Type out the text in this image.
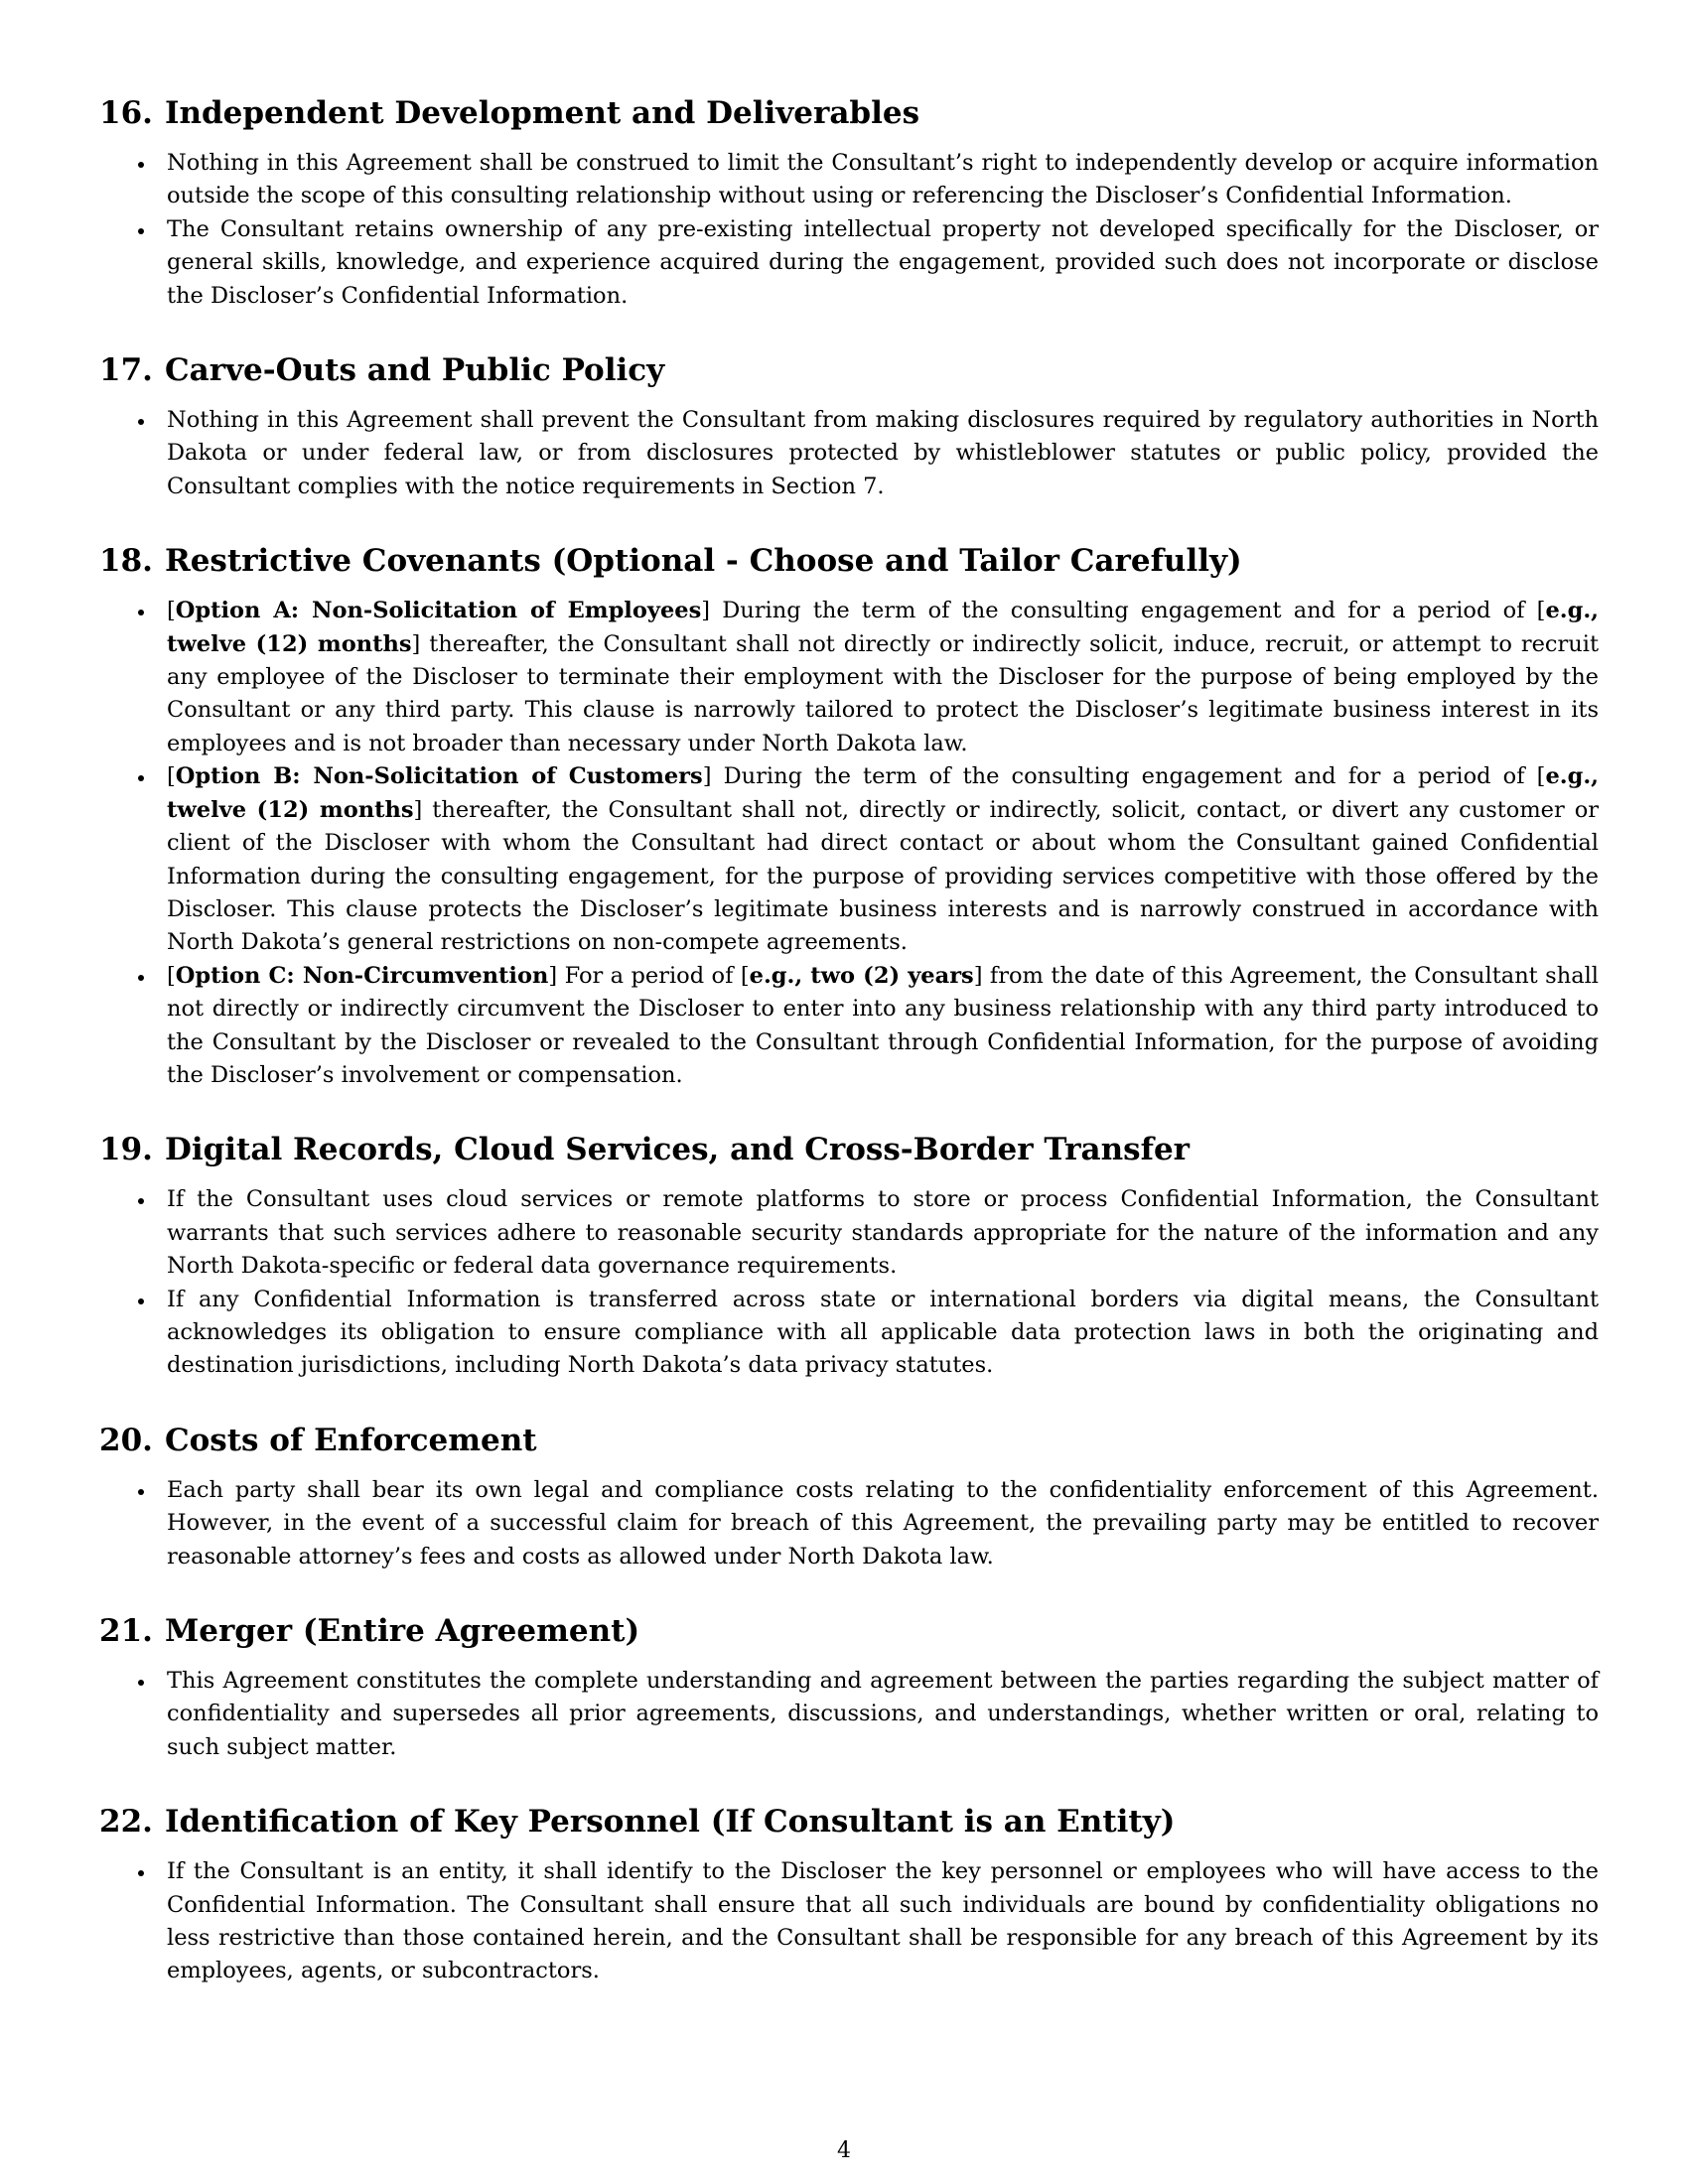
16. Independent Development and Deliverables
Nothing in this Agreement shall be construed to limit the Consultant’s right to independently develop or acquire information outside the scope of this consulting relationship without using or referencing the Discloser’s Confidential Information.
The Consultant retains ownership of any pre-existing intellectual property not developed specifically for the Discloser, or general skills, knowledge, and experience acquired during the engagement, provided such does not incorporate or disclose the Discloser’s Confidential Information.
17. Carve-Outs and Public Policy
Nothing in this Agreement shall prevent the Consultant from making disclosures required by regulatory authorities in North Dakota or under federal law, or from disclosures protected by whistleblower statutes or public policy, provided the Consultant complies with the notice requirements in Section 7.
18. Restrictive Covenants (Optional - Choose and Tailor Carefully)
[Option A: Non-Solicitation of Employees] During the term of the consulting engagement and for a period of [e.g., twelve (12) months] thereafter, the Consultant shall not directly or indirectly solicit, induce, recruit, or attempt to recruit any employee of the Discloser to terminate their employment with the Discloser for the purpose of being employed by the Consultant or any third party. This clause is narrowly tailored to protect the Discloser’s legitimate business interest in its employees and is not broader than necessary under North Dakota law.
[Option B: Non-Solicitation of Customers] During the term of the consulting engagement and for a period of [e.g., twelve (12) months] thereafter, the Consultant shall not, directly or indirectly, solicit, contact, or divert any customer or client of the Discloser with whom the Consultant had direct contact or about whom the Consultant gained Confidential Information during the consulting engagement, for the purpose of providing services competitive with those offered by the Discloser. This clause protects the Discloser’s legitimate business interests and is narrowly construed in accordance with North Dakota’s general restrictions on non-compete agreements.
[Option C: Non-Circumvention] For a period of [e.g., two (2) years] from the date of this Agreement, the Consultant shall not directly or indirectly circumvent the Discloser to enter into any business relationship with any third party introduced to the Consultant by the Discloser or revealed to the Consultant through Confidential Information, for the purpose of avoiding the Discloser’s involvement or compensation.
19. Digital Records, Cloud Services, and Cross-Border Transfer
If the Consultant uses cloud services or remote platforms to store or process Confidential Information, the Consultant warrants that such services adhere to reasonable security standards appropriate for the nature of the information and any North Dakota-specific or federal data governance requirements.
If any Confidential Information is transferred across state or international borders via digital means, the Consultant acknowledges its obligation to ensure compliance with all applicable data protection laws in both the originating and destination jurisdictions, including North Dakota’s data privacy statutes.
20. Costs of Enforcement
Each party shall bear its own legal and compliance costs relating to the confidentiality enforcement of this Agreement. However, in the event of a successful claim for breach of this Agreement, the prevailing party may be entitled to recover reasonable attorney’s fees and costs as allowed under North Dakota law.
21. Merger (Entire Agreement)
This Agreement constitutes the complete understanding and agreement between the parties regarding the subject matter of confidentiality and supersedes all prior agreements, discussions, and understandings, whether written or oral, relating to such subject matter.
22. Identification of Key Personnel (If Consultant is an Entity)
If the Consultant is an entity, it shall identify to the Discloser the key personnel or employees who will have access to the Confidential Information. The Consultant shall ensure that all such individuals are bound by confidentiality obligations no less restrictive than those contained herein, and the Consultant shall be responsible for any breach of this Agreement by its employees, agents, or subcontractors.
4
